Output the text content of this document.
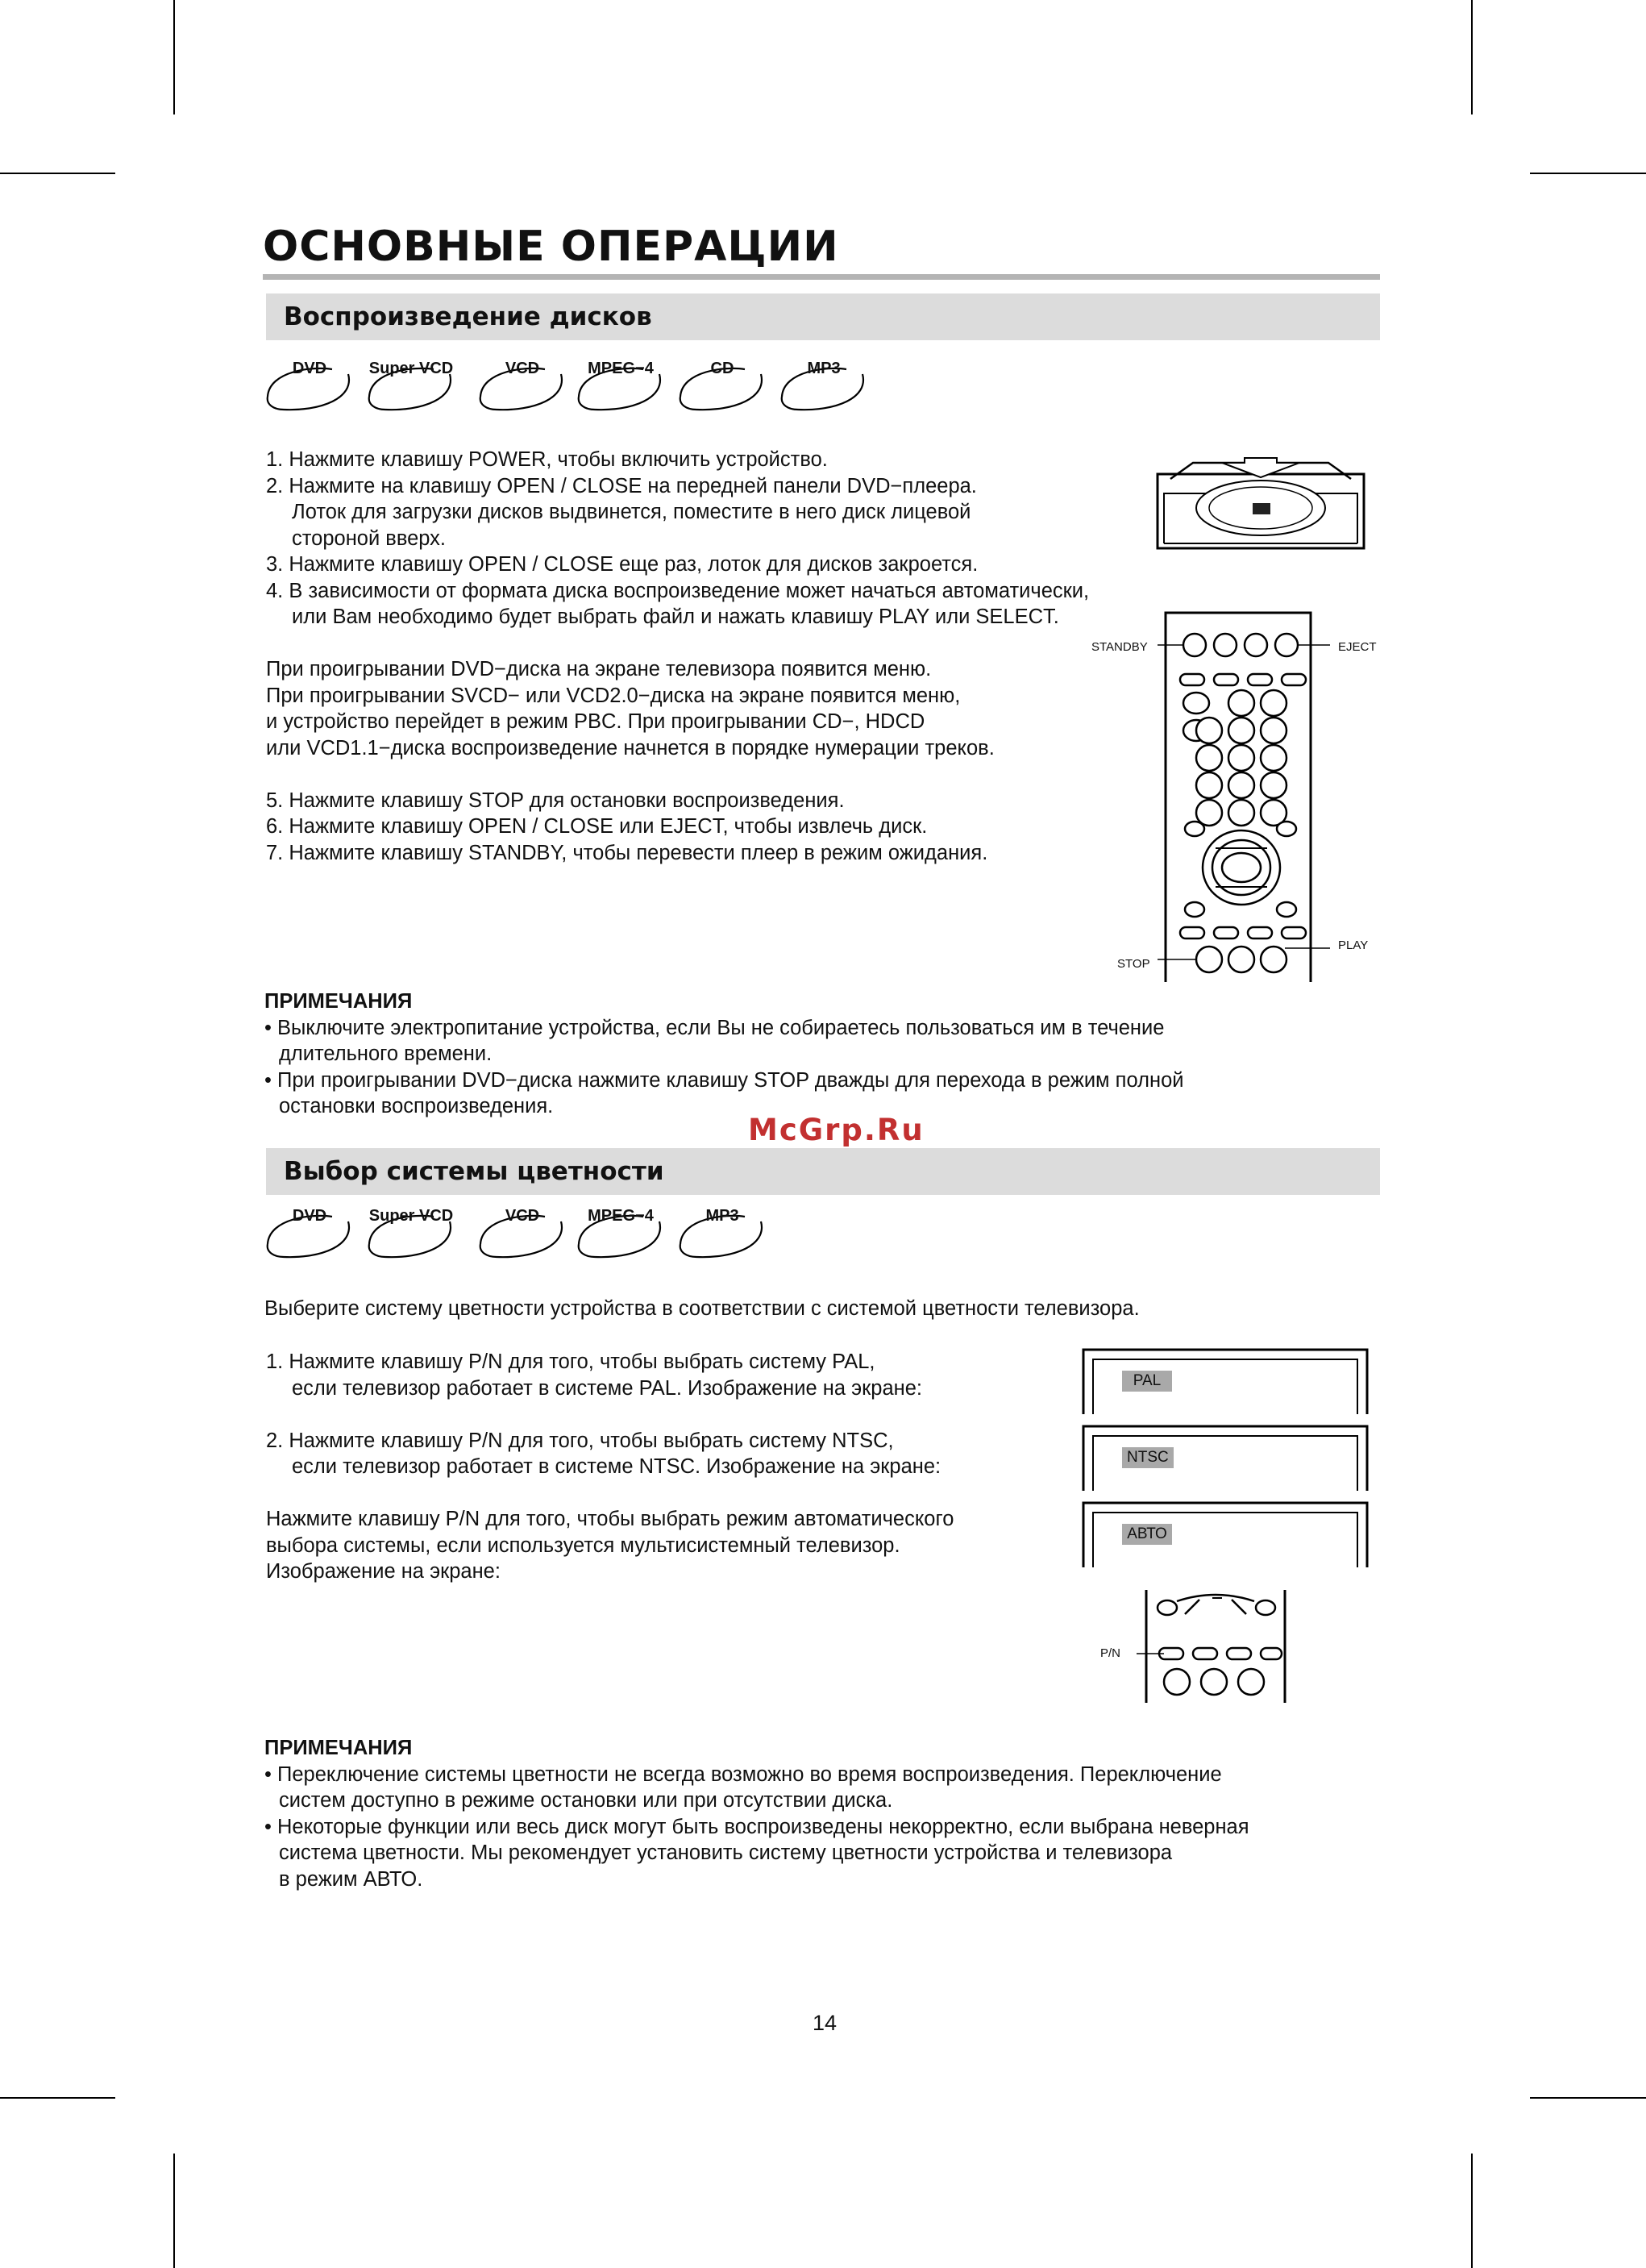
ОСНОВНЫЕ ОПЕРАЦИИ
Воспроизведение дисков
DVD	Super VCD	VCD	MPEG−4	CD	MP3
1. Нажмите клавишу POWER, чтобы включить устройство.
2. Нажмите на клавишу OPEN / CLOSE на передней панели DVD−плеера.
Лоток для загрузки дисков выдвинется, поместите в него диск лицевой
стороной вверх.
3. Нажмите клавишу OPEN / CLOSE еще раз, лоток для дисков закроется.
4. В зависимости от формата диска воспроизведение может начаться автоматически,
или Вам необходимо будет выбрать файл и нажать клавишу PLAY или SELECT.
При проигрывании DVD−диска на экране телевизора появится меню.
При проигрывании SVCD− или VCD2.0−диска на экране появится меню,
и устройство перейдет в режим PBC. При проигрывании CD−, HDCD
или VCD1.1−диска воспроизведение начнется в порядке нумерации треков.
5. Нажмите клавишу STOP для остановки воспроизведения.
6. Нажмите клавишу OPEN / CLOSE или EJECT, чтобы извлечь диск.
7. Нажмите клавишу STANDBY, чтобы перевести плеер в режим ожидания.
STANDBY	EJECT
PLAY
STOP
ПРИМЕЧАНИЯ
• Выключите электропитание устройства, если Вы не собираетесь пользоваться им в течение
длительного времени.
• При проигрывании DVD−диска нажмите клавишу STOP дважды для перехода в режим полной
остановки воспроизведения.
McGrp.Ru
Выбор системы цветности
DVD	Super VCD	VCD	MPEG−4	MP3
Выберите систему цветности устройства в соответствии с системой цветности телевизора.
1. Нажмите клавишу P/N для того, чтобы выбрать систему PAL,
если телевизор работает в системе PAL. Изображение на экране:
2. Нажмите клавишу P/N для того, чтобы выбрать систему NTSC,
если телевизор работает в системе NTSC. Изображение на экране:
Нажмите клавишу P/N для того, чтобы выбрать режим автоматического
выбора системы, если используется мультисистемный телевизор.
Изображение на экране:
PAL
NTSC
АВТО
P/N
ПРИМЕЧАНИЯ
• Переключение системы цветности не всегда возможно во время воспроизведения. Переключение
систем доступно в режиме остановки или при отсутствии диска.
• Некоторые функции или весь диск могут быть воспроизведены некорректно, если выбрана неверная
система цветности. Мы рекомендует установить систему цветности устройства и телевизора
в режим АВТО.
14
